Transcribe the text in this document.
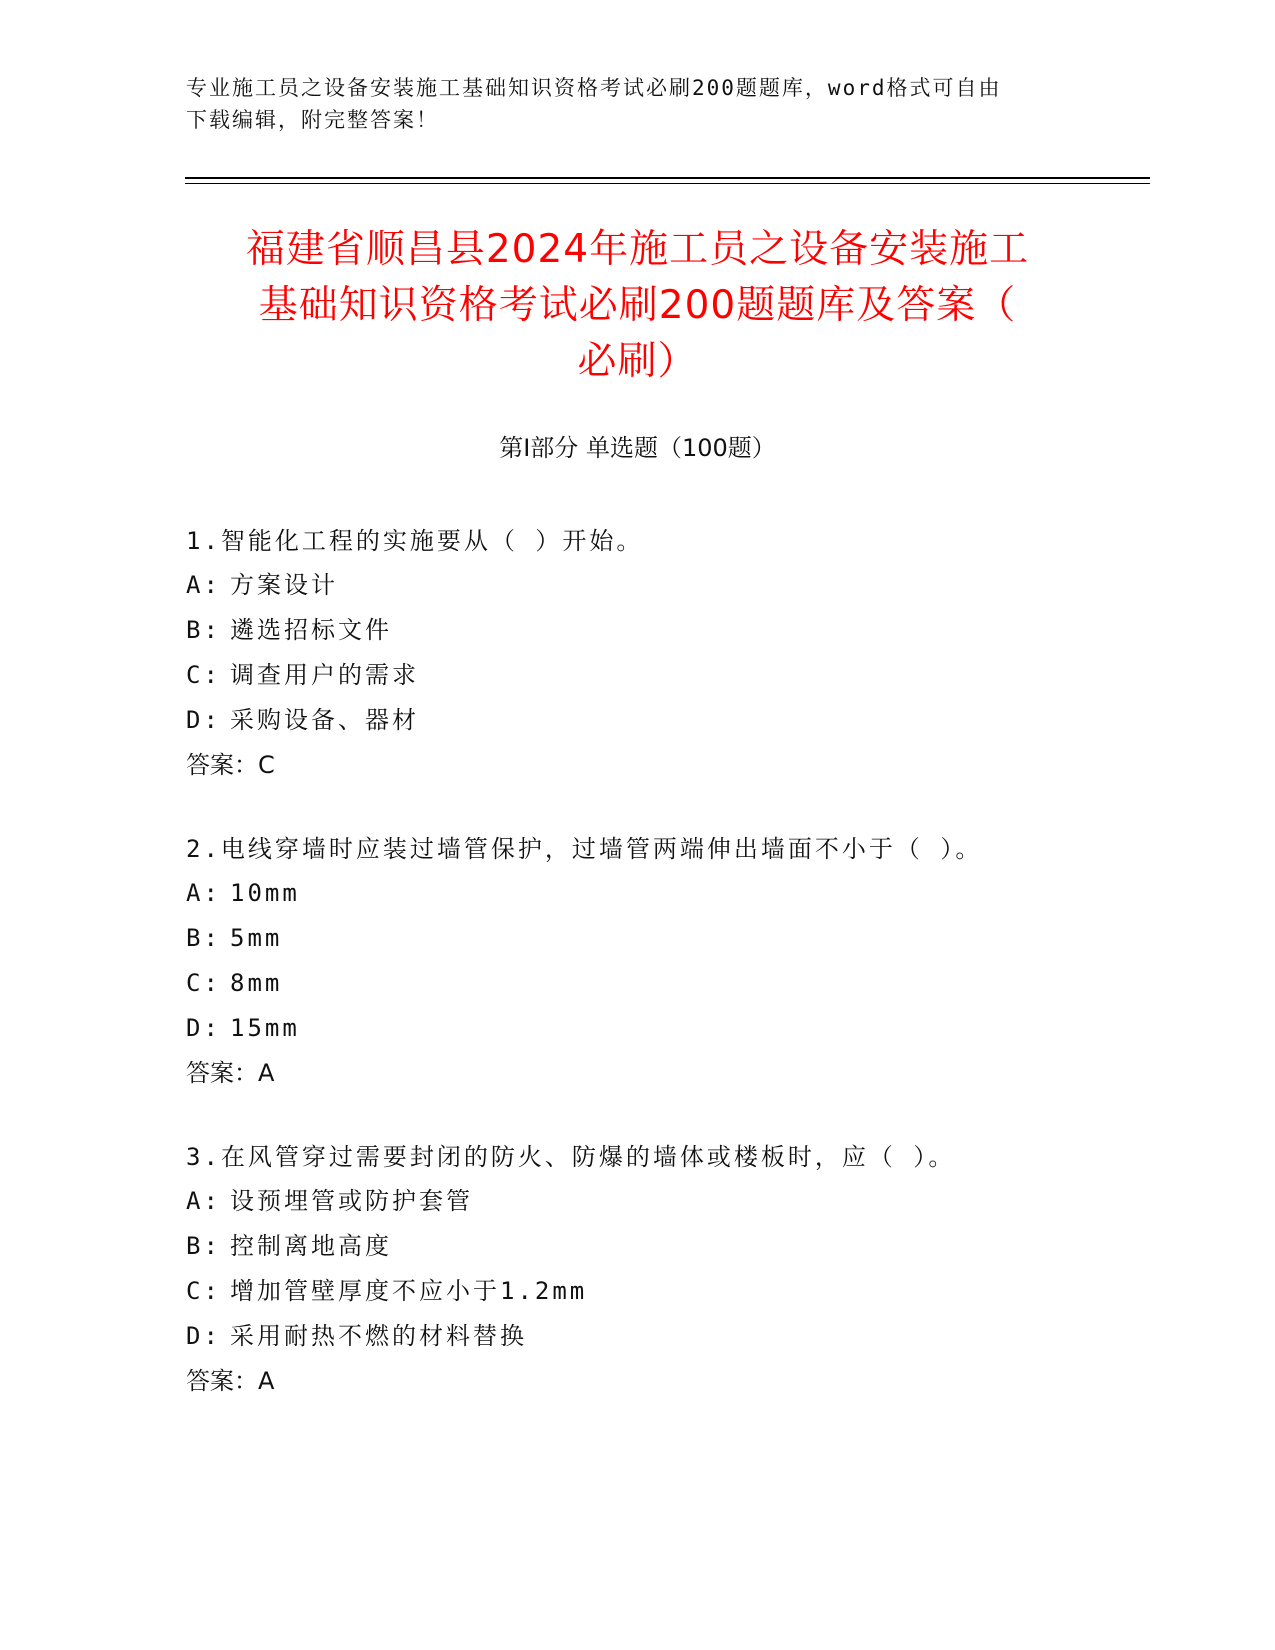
专业施工员之设备安装施工基础知识资格考试必刷200题题库，word格式可自由
下载编辑，附完整答案！
福建省顺昌县2024年施工员之设备安装施工
基础知识资格考试必刷200题题库及答案（
必刷）
第Ⅰ部分 单选题（100题）
1.智能化工程的实施要从（ ）开始。
A: 方案设计
B: 遴选招标文件
C: 调查用户的需求
D: 采购设备、器材
答案：C
2.电线穿墙时应装过墙管保护，过墙管两端伸出墙面不小于（ ）。
A: 10mm
B: 5mm
C: 8mm
D: 15mm
答案：A
3.在风管穿过需要封闭的防火、防爆的墙体或楼板时，应（ ）。
A: 设预埋管或防护套管
B: 控制离地高度
C: 增加管壁厚度不应小于1.2mm
D: 采用耐热不燃的材料替换
答案：A
